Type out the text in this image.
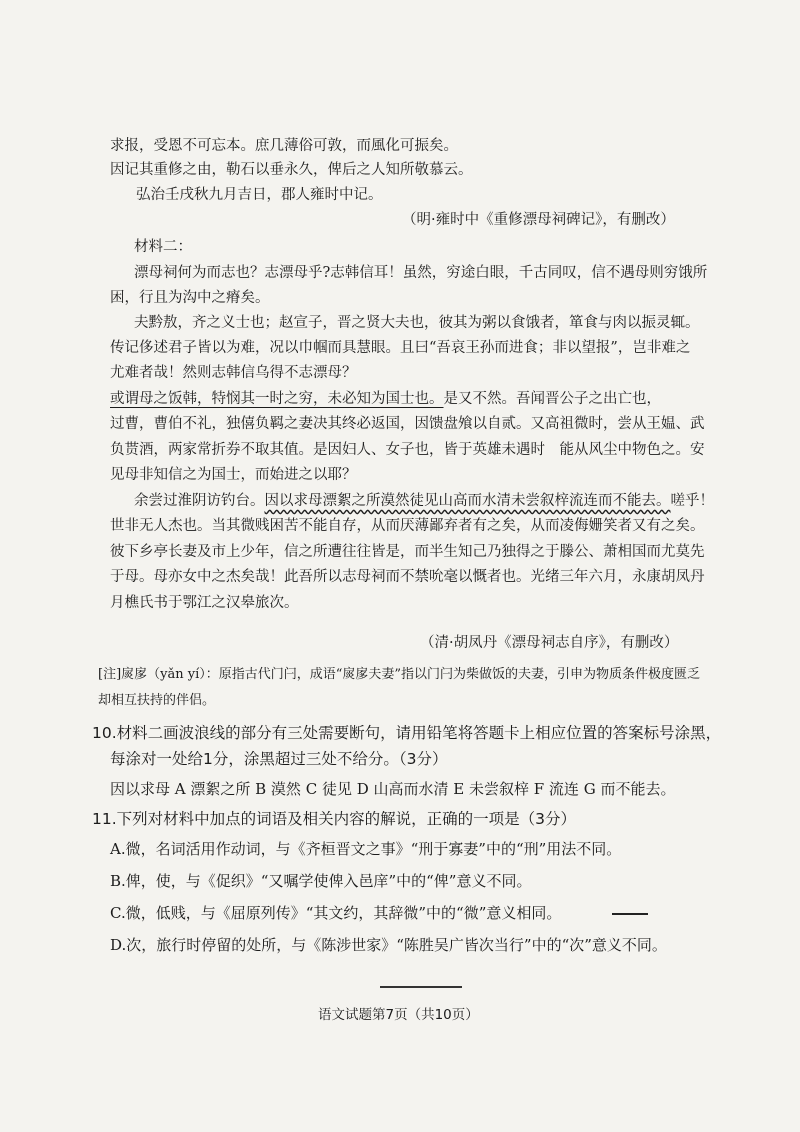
求报，受恩不可忘本。庶几薄俗可敦，而風化可振矣。
因记其重修之由，勒石以垂永久，俾后之人知所敬慕云。
弘治壬戌秋九月吉日，郡人雍时中记。
（明·雍时中《重修漂母祠碑记》，有删改）
材料二：
漂母祠何为而志也？志漂母乎?志韩信耳！虽然，穷途白眼，千古同叹，信不遇母则穷饿所
困，行且为沟中之瘠矣。
夫黔敖，齐之义士也；赵宣子，晋之贤大夫也，彼其为粥以食饿者，箪食与肉以振灵辄。
传记侈述君子皆以为难，况以巾帼而具慧眼。且曰“吾哀王孙而进食；非以望报”，岂非难之
尤难者哉！然则志韩信乌得不志漂母？
或谓母之饭韩，特悯其一时之穷，未必知为国士也。是又不然。吾闻晋公子之出亡也，
过曹，曹伯不礼，独僖负羁之妻决其终必返国，因馈盘飧以自贰。又高祖微时，尝从王媪、武
负贳酒，两家常折券不取其值。是因妇人、女子也，皆于英雄未遇时　能从风尘中物色之。安
见母非知信之为国士，而始进之以耶？
余尝过淮阴访钓台。因以求母漂絮之所漠然徒见山高而水清未尝叙梓流连而不能去。嗟乎！
世非无人杰也。当其微贱困苦不能自存，从而厌薄鄙弃者有之矣，从而凌侮姗笑者又有之矣。
彼下乡亭长妻及市上少年，信之所遭往往皆是，而半生知己乃独得之于滕公、萧相国而尤莫先
于母。母亦女中之杰矣哉！此吾所以志母祠而不禁吮毫以慨者也。光绪三年六月，永康胡凤丹
月樵氏书于鄂江之汉皋旅次。
（清·胡凤丹《漂母祠志自序》，有删改）
[注]扊扅（yǎn yí）：原指古代门闩，成语“扊扅夫妻”指以门闩为柴做饭的夫妻，引申为物质条件极度匮乏
却相互扶持的伴侣。
10.材料二画波浪线的部分有三处需要断句，请用铅笔将答题卡上相应位置的答案标号涂黑，
每涂对一处给1分，涂黑超过三处不给分。（3分）
因以求母 A 漂絮之所 B 漠然 C 徒见 D 山高而水清 E 未尝叙梓 F 流连 G 而不能去。
11.下列对材料中加点的词语及相关内容的解说，正确的一项是（3分）
A.微，名词活用作动词，与《齐桓晋文之事》“刑于寡妻”中的“刑”用法不同。
B.俾，使，与《促织》“又嘱学使俾入邑庠”中的“俾”意义不同。
C.微，低贱，与《屈原列传》“其文约，其辞微”中的“微”意义相同。
D.次，旅行时停留的处所，与《陈涉世家》“陈胜吴广皆次当行”中的“次”意义不同。
语文试题第7页（共10页）
